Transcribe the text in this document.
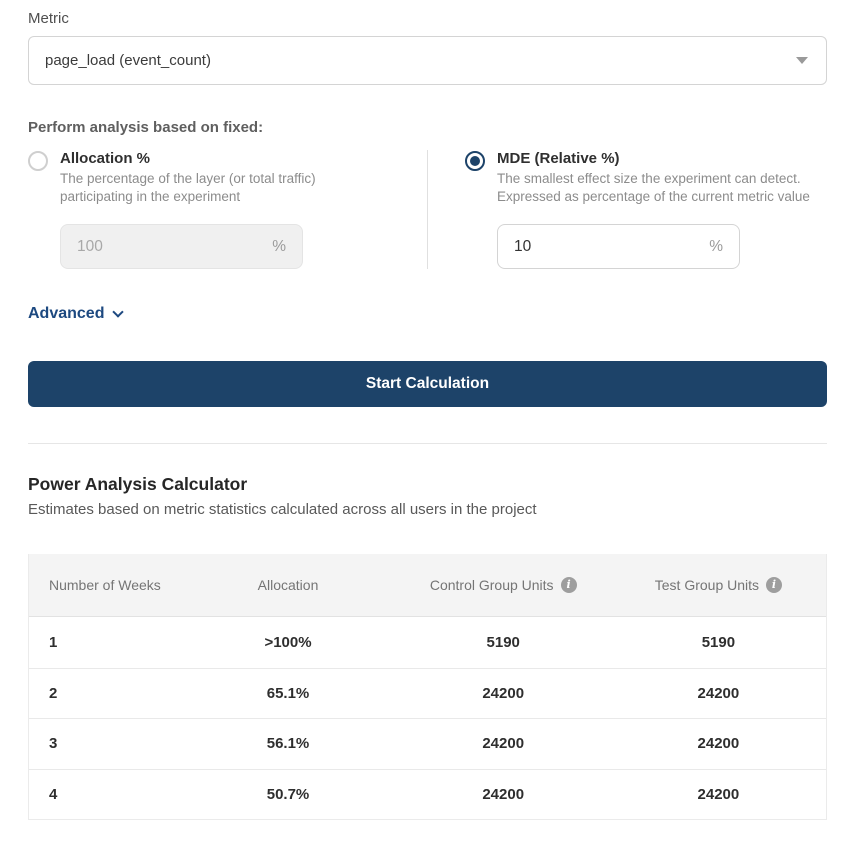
Metric
page_load (event_count)
Perform analysis based on fixed:
Allocation %
The percentage of the layer (or total traffic) participating in the experiment
100
%
MDE (Relative %)
The smallest effect size the experiment can detect. Expressed as percentage of the current metric value
10
%
Advanced
Start Calculation
Power Analysis Calculator
Estimates based on metric statistics calculated across all users in the project
Number of Weeks	Allocation	Control Group Units	i	Test Group Units	i
1	>100%	5190	5190
2	65.1%	24200	24200
3	56.1%	24200	24200
4	50.7%	24200	24200
